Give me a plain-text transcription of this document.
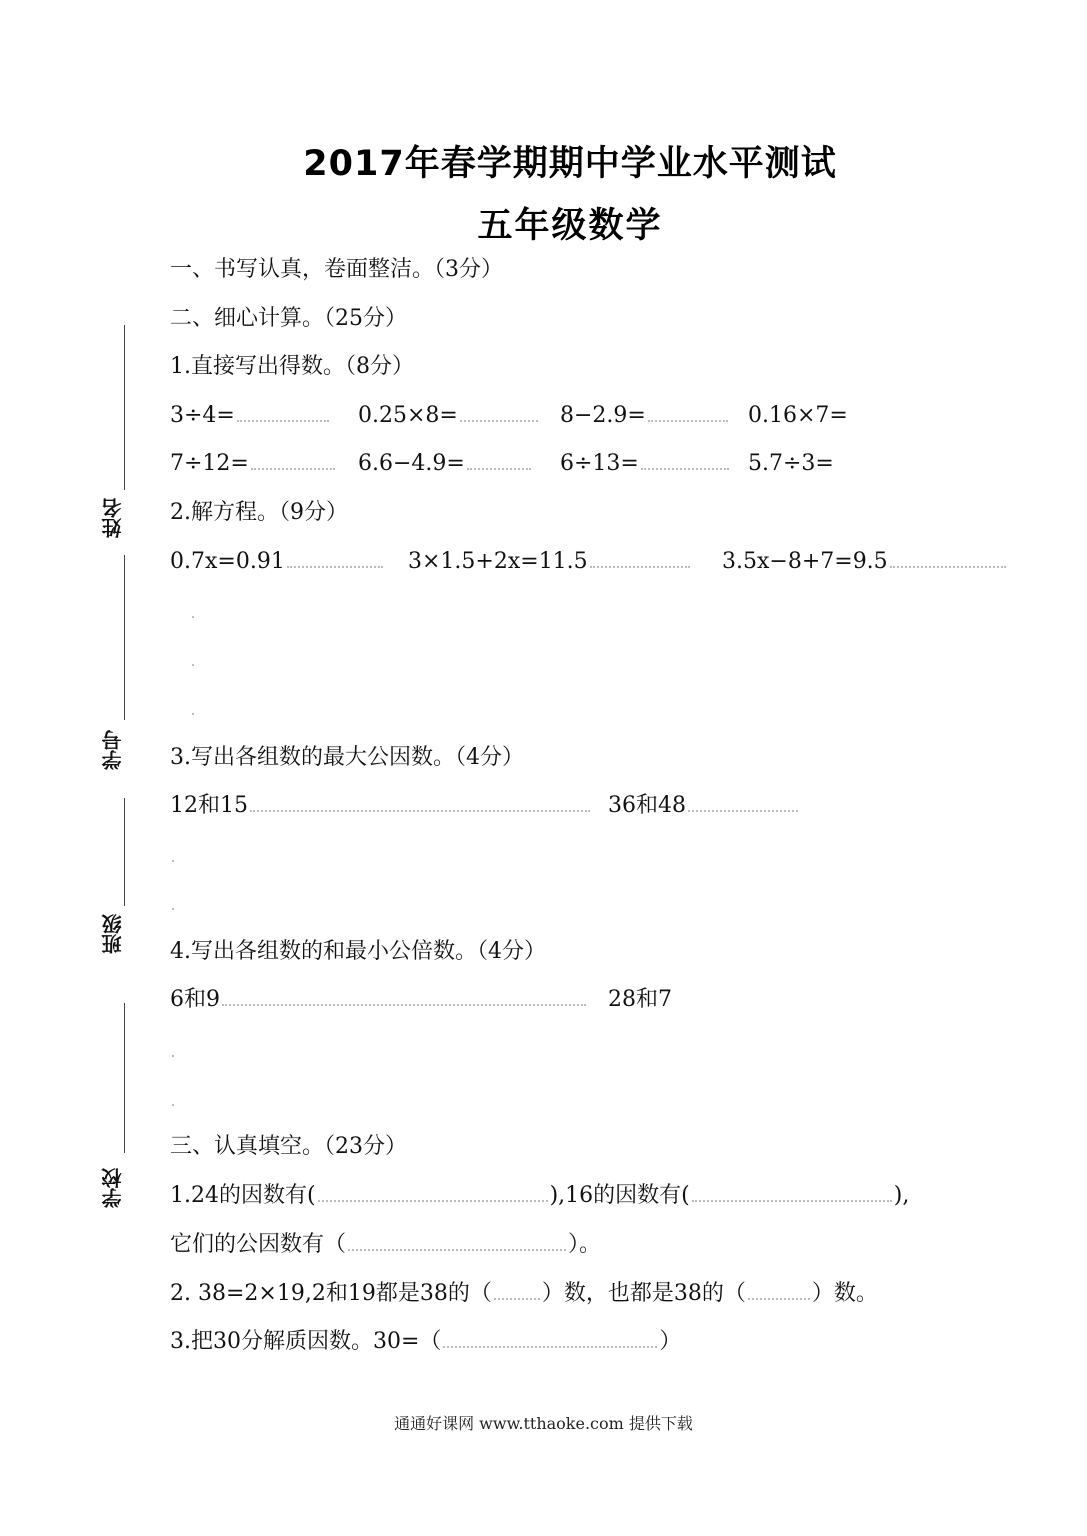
2017年春学期期中学业水平测试
五年级数学
姓名
学号
班级
学校
一、书写认真，卷面整洁。（3分）
二、细心计算。（25分）
1.直接写出得数。（8分）
3÷4=	0.25×8=	8−2.9=	0.16×7=
7÷12=	6.6−4.9=	6÷13=	5.7÷3=
2.解方程。（9分）
0.7x=0.91	3×1.5+2x=11.5	3.5x−8+7=9.5
3.写出各组数的最大公因数。（4分）
12和15	36和48
4.写出各组数的和最小公倍数。（4分）
6和9	28和7
三、认真填空。（23分）
1.24的因数有(	),16的因数有(	),
它们的公因数有（	）。
2. 38=2×19,2和19都是38的（ ）数，也都是38的（	）数。
3.把30分解质因数。30=（	）
通通好课网 www.tthaoke.com 提供下载
